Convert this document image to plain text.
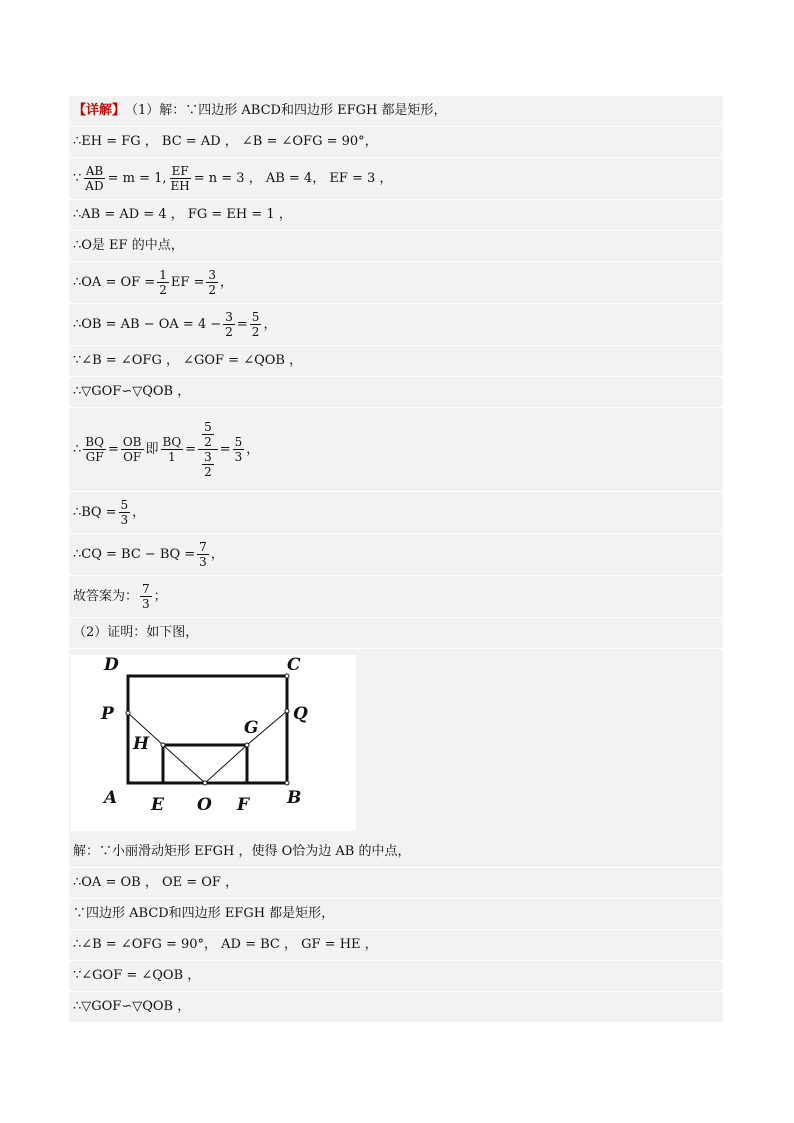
【详解】 （1）解：∵四边形 ABCD和四边形 EFGH 都是矩形，
∴EH = FG ， BC = AD ， ∠B = ∠OFG = 90°，
∵ $\frac{AB}{AD} = m = 1$, $\frac{EF}{EH} = n = 3$ ， AB = 4， EF = 3 ，
∴AB = AD = 4 ， FG = EH = 1 ，
∴O是 EF 的中点，
∴OA = OF = $\frac{1}{2}$ EF = $\frac{3}{2}$ ，
∴OB = AB − OA = $4 - \frac{3}{2} = \frac{5}{2}$ ，
∵∠B = ∠OFG ， ∠GOF = ∠QOB ，
∴▽GOF∽▽QOB ，
∴ $\frac{BQ}{GF} = \frac{OB}{OF}$ 即 $\frac{BQ}{1} = \frac{\frac{5}{2}}{\frac{3}{2}} = \frac{5}{3}$ ，
∴BQ = $\frac{5}{3}$ ，
∴CQ = BC − BQ = $\frac{7}{3}$ ，
故答案为： $\frac{7}{3}$ ；
（2）证明：如下图，
D	C
P	Q
H
G
A E O F B
解：∵小丽滑动矩形 EFGH ，使得 O恰为边 AB 的中点，
∴OA = OB ， OE = OF ，
∵四边形 ABCD和四边形 EFGH 都是矩形，
∴∠B = ∠OFG = 90°， AD = BC ， GF = HE ，
∵∠GOF = ∠QOB ，
∴▽GOF∽▽QOB ，
